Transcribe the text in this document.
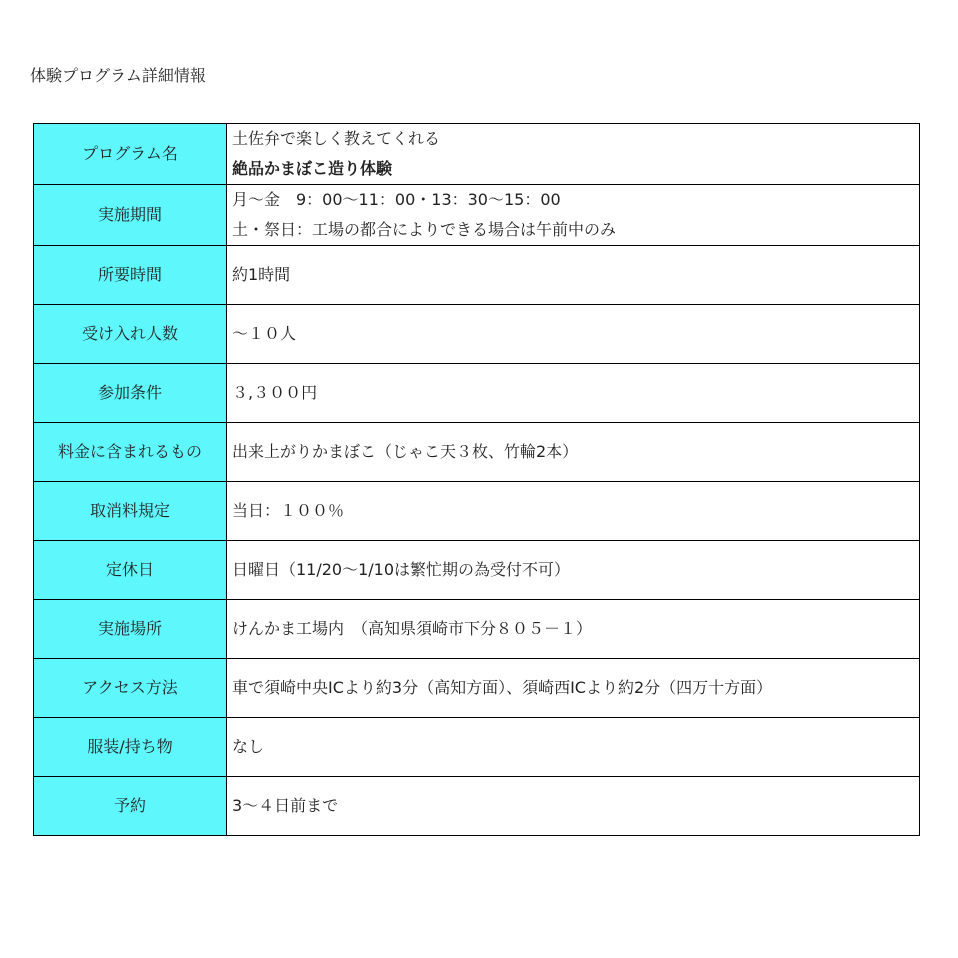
体験プログラム詳細情報
プログラム名	土佐弁で楽しく教えてくれる
絶品かまぼこ造り体験

実施期間	月～金　9：00～11：00・13：30～15：00
土・祭日：工場の都合によりできる場合は午前中のみ

所要時間	約1時間
受け入れ人数	～１０人
参加条件	３,３００円
料金に含まれるもの	出来上がりかまぼこ（じゃこ天３枚、竹輪2本）
取消料規定	当日：１００％
定休日	日曜日（11/20～1/10は繁忙期の為受付不可）
実施場所	けんかま工場内　（高知県須崎市下分８０５－１）
アクセス方法	車で須崎中央ICより約3分（高知方面）、須崎西ICより約2分（四万十方面）
服装/持ち物	なし
予約	3～４日前まで
